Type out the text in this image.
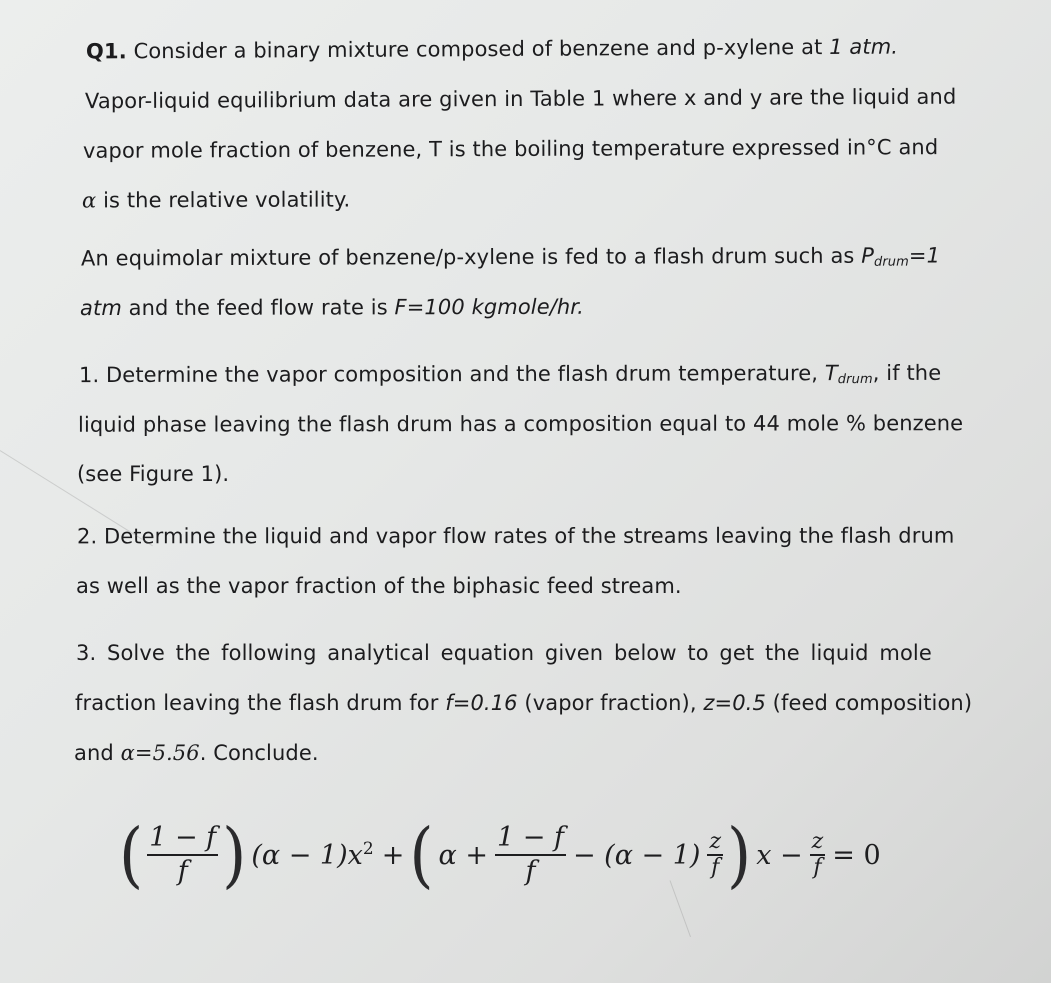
Q1. Consider a binary mixture composed of benzene and p-xylene at 1 atm.
Vapor-liquid equilibrium data are given in Table 1 where x and y are the liquid and
vapor mole fraction of benzene, T is the boiling temperature expressed in°C and
α is the relative volatility.
An equimolar mixture of benzene/p-xylene is fed to a flash drum such as $P_{drum}=1$
atm and the feed flow rate is F=100 kgmole/hr.
1. Determine the vapor composition and the flash drum temperature, $T_{drum}$, if the
liquid phase leaving the flash drum has a composition equal to 44 mole % benzene
(see Figure 1).
2. Determine the liquid and vapor flow rates of the streams leaving the flash drum
as well as the vapor fraction of the biphasic feed stream.
3. Solve the following analytical equation given below to get the liquid mole
fraction leaving the flash drum for f=0.16 (vapor fraction), z=0.5 (feed composition)
and α=5.56. Conclude.
( $\frac{1 - f}{f}$ ) $(\alpha - 1)x^2$ + ( $\alpha + \frac{1 - f}{f} - (\alpha - 1) \frac{z}{f}$ ) $x - \frac{z}{f} = 0$
